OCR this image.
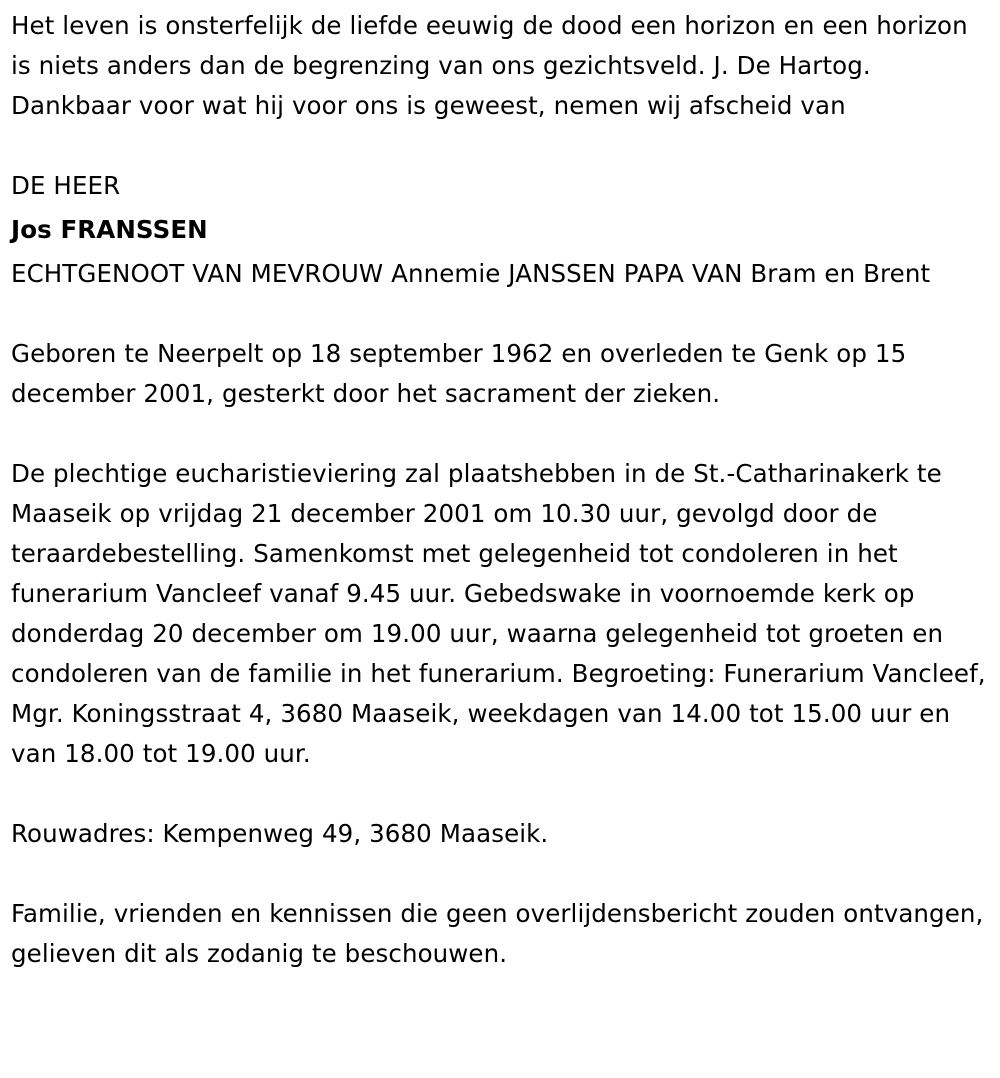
Het leven is onsterfelijk de liefde eeuwig de dood een horizon en een horizon is niets anders dan de begrenzing van ons gezichtsveld. J. De Hartog. Dankbaar voor wat hij voor ons is geweest, nemen wij afscheid van

DE HEER

Jos FRANSSEN

ECHTGENOOT VAN MEVROUW Annemie JANSSEN PAPA VAN Bram en Brent

Geboren te Neerpelt op 18 september 1962 en overleden te Genk op 15 december 2001, gesterkt door het sacrament der zieken.

De plechtige eucharistieviering zal plaatshebben in de St.-Catharinakerk te Maaseik op vrijdag 21 december 2001 om 10.30 uur, gevolgd door de teraardebestelling. Samenkomst met gelegenheid tot condoleren in het funerarium Vancleef vanaf 9.45 uur. Gebedswake in voornoemde kerk op donderdag 20 december om 19.00 uur, waarna gelegenheid tot groeten en condoleren van de familie in het funerarium. Begroeting: Funerarium Vancleef, Mgr. Koningsstraat 4, 3680 Maaseik, weekdagen van 14.00 tot 15.00 uur en van 18.00 tot 19.00 uur.

Rouwadres: Kempenweg 49, 3680 Maaseik.

Familie, vrienden en kennissen die geen overlijdensbericht zouden ontvangen, gelieven dit als zodanig te beschouwen.
